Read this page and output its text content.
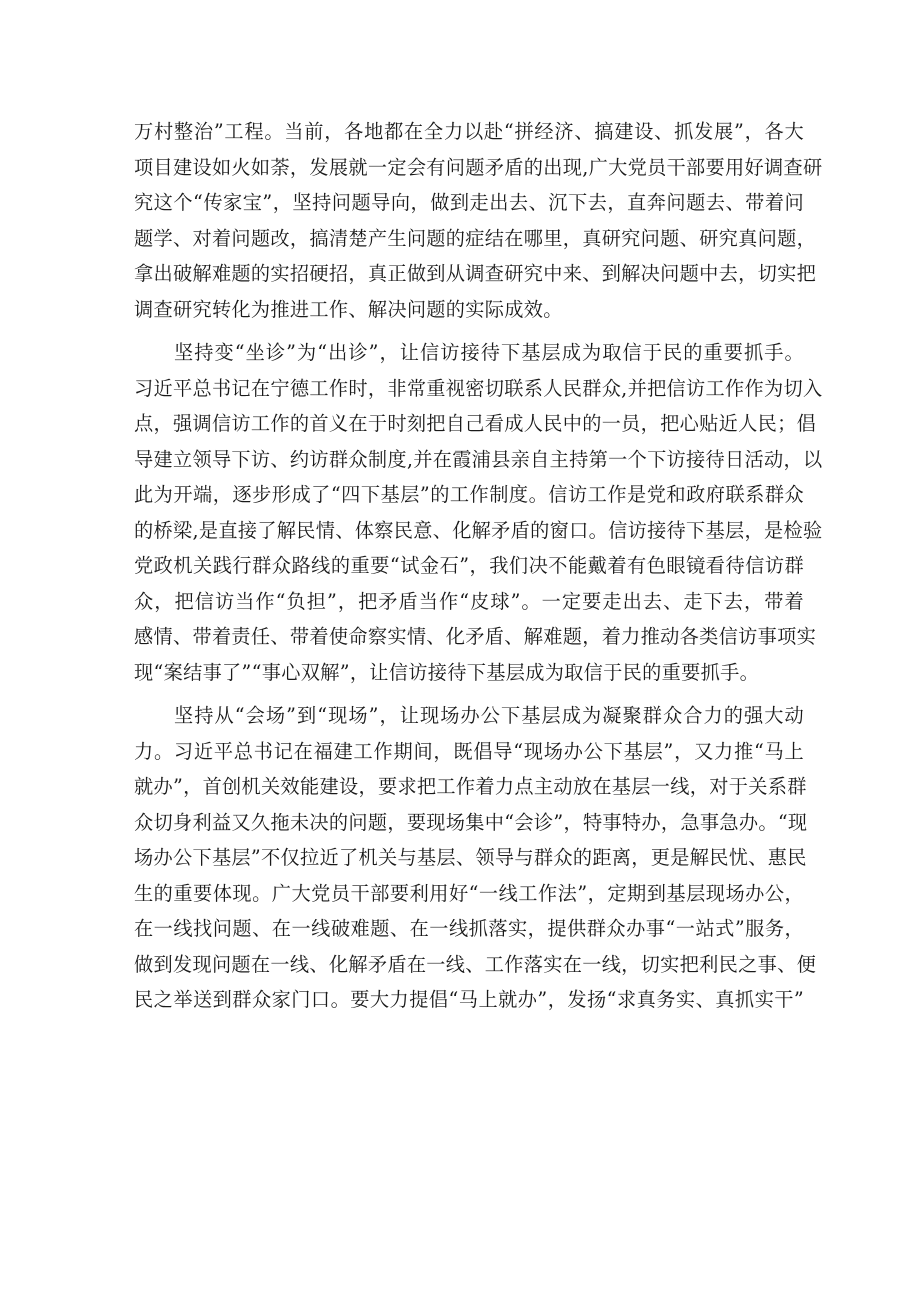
万村整治”工程。当前，各地都在全力以赴“拼经济、搞建设、抓发展”，各大
项目建设如火如荼，发展就一定会有问题矛盾的出现,广大党员干部要用好调查研
究这个“传家宝”，坚持问题导向，做到走出去、沉下去，直奔问题去、带着问
题学、对着问题改，搞清楚产生问题的症结在哪里，真研究问题、研究真问题，
拿出破解难题的实招硬招，真正做到从调查研究中来、到解决问题中去，切实把
调查研究转化为推进工作、解决问题的实际成效。
坚持变“坐诊”为“出诊”，让信访接待下基层成为取信于民的重要抓手。
习近平总书记在宁德工作时，非常重视密切联系人民群众,并把信访工作作为切入
点，强调信访工作的首义在于时刻把自己看成人民中的一员，把心贴近人民；倡
导建立领导下访、约访群众制度,并在霞浦县亲自主持第一个下访接待日活动，以
此为开端，逐步形成了“四下基层”的工作制度。信访工作是党和政府联系群众
的桥梁,是直接了解民情、体察民意、化解矛盾的窗口。信访接待下基层，是检验
党政机关践行群众路线的重要“试金石”，我们决不能戴着有色眼镜看待信访群
众，把信访当作“负担”，把矛盾当作“皮球”。一定要走出去、走下去，带着
感情、带着责任、带着使命察实情、化矛盾、解难题，着力推动各类信访事项实
现“案结事了”“事心双解”，让信访接待下基层成为取信于民的重要抓手。
坚持从“会场”到“现场”，让现场办公下基层成为凝聚群众合力的强大动
力。习近平总书记在福建工作期间，既倡导“现场办公下基层”，又力推“马上
就办”，首创机关效能建设，要求把工作着力点主动放在基层一线，对于关系群
众切身利益又久拖未决的问题，要现场集中“会诊”，特事特办，急事急办。“现
场办公下基层”不仅拉近了机关与基层、领导与群众的距离，更是解民忧、惠民
生的重要体现。广大党员干部要利用好“一线工作法”，定期到基层现场办公，
在一线找问题、在一线破难题、在一线抓落实，提供群众办事“一站式”服务，
做到发现问题在一线、化解矛盾在一线、工作落实在一线，切实把利民之事、便
民之举送到群众家门口。要大力提倡“马上就办”，发扬“求真务实、真抓实干”
